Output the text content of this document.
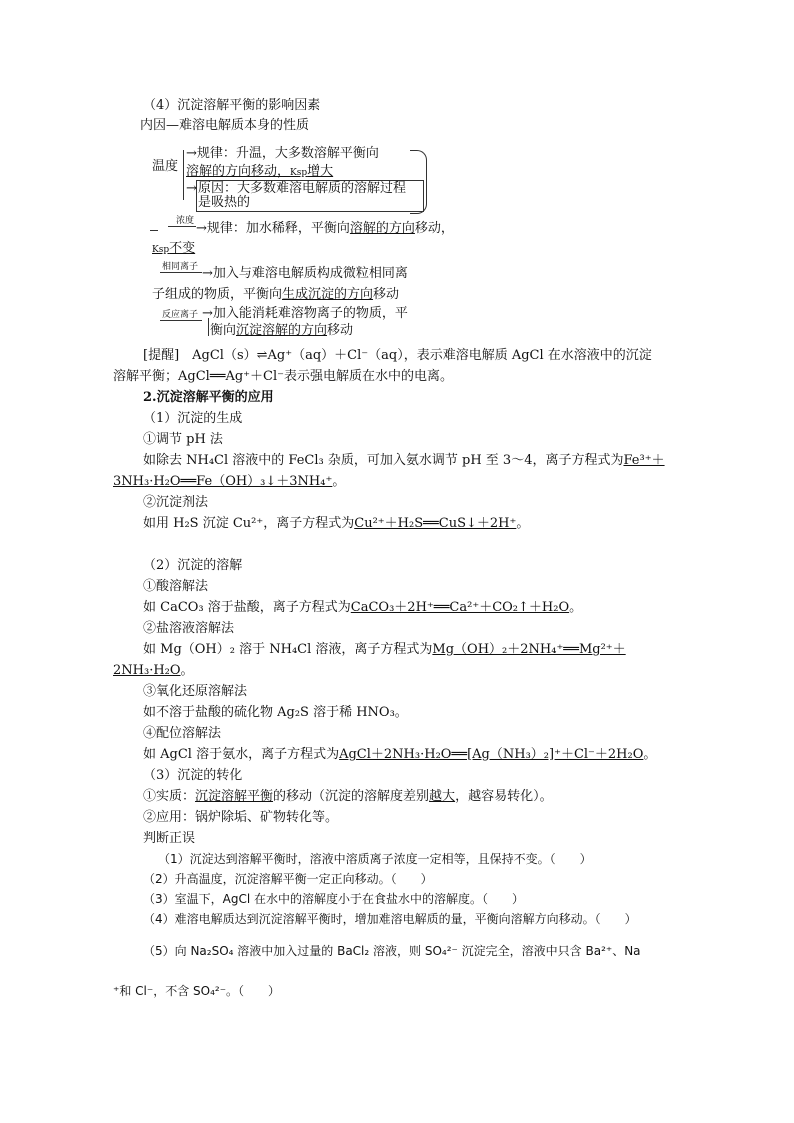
（4）沉淀溶解平衡的影响因素
内因—难溶电解质本身的性质
温度
→规律：升温，大多数溶解平衡向
溶解的方向移动，Ksp增大
→ 原因：大多数难溶电解质的溶解过程
是吸热的
浓度 →规律：加水稀释，平衡向溶解的方向移动，
Ksp不变
相同离子 →加入与难溶电解质构成微粒相同离
子组成的物质，平衡向生成沉淀的方向移动
反应离子 →加入能消耗难溶物离子的物质，平
衡向沉淀溶解的方向移动
[提醒]　AgCl（s）⇌Ag⁺（aq）＋Cl⁻（aq），表示难溶电解质 AgCl 在水溶液中的沉淀
溶解平衡；AgCl══Ag⁺＋Cl⁻表示强电解质在水中的电离。
2.沉淀溶解平衡的应用
（1）沉淀的生成
①调节 pH 法
如除去 NH₄Cl 溶液中的 FeCl₃ 杂质，可加入氨水调节 pH 至 3～4，离子方程式为Fe³⁺＋
3NH₃·H₂O══Fe（OH）₃↓＋3NH₄⁺。
②沉淀剂法
如用 H₂S 沉淀 Cu²⁺，离子方程式为Cu²⁺＋H₂S══CuS↓＋2H⁺。
（2）沉淀的溶解
①酸溶解法
如 CaCO₃ 溶于盐酸，离子方程式为CaCO₃＋2H⁺══Ca²⁺＋CO₂↑＋H₂O。
②盐溶液溶解法
如 Mg（OH）₂ 溶于 NH₄Cl 溶液，离子方程式为Mg（OH）₂＋2NH₄⁺══Mg²⁺＋
2NH₃·H₂O。
③氧化还原溶解法
如不溶于盐酸的硫化物 Ag₂S 溶于稀 HNO₃。
④配位溶解法
如 AgCl 溶于氨水，离子方程式为AgCl＋2NH₃·H₂O══[Ag（NH₃）₂]⁺＋Cl⁻＋2H₂O。
（3）沉淀的转化
①实质：沉淀溶解平衡的移动（沉淀的溶解度差别越大，越容易转化）。
②应用：锅炉除垢、矿物转化等。
判断正误
（1）沉淀达到溶解平衡时，溶液中溶质离子浓度一定相等，且保持不变。（　　）
（2）升高温度，沉淀溶解平衡一定正向移动。（　　）
（3）室温下，AgCl 在水中的溶解度小于在食盐水中的溶解度。（　　）
（4）难溶电解质达到沉淀溶解平衡时，增加难溶电解质的量，平衡向溶解方向移动。（　　）
（5）向 Na₂SO₄ 溶液中加入过量的 BaCl₂ 溶液，则 SO₄²⁻ 沉淀完全，溶液中只含 Ba²⁺、Na
⁺和 Cl⁻，不含 SO₄²⁻。（　　）
